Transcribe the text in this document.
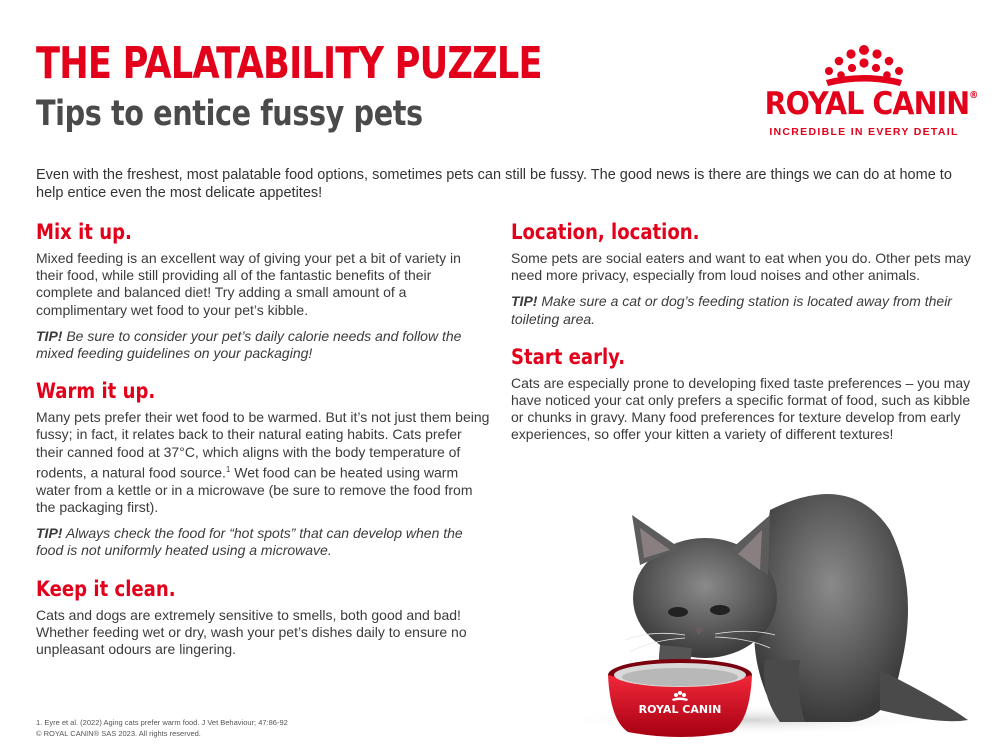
THE PALATABILITY PUZZLE
Tips to entice fussy pets	ROYAL CANIN®
INCREDIBLE IN EVERY DETAIL

Even with the freshest, most palatable food options, sometimes pets can still be fussy. The good news is there are things we can do at home to help entice even the most delicate appetites!

Mix it up.

Mixed feeding is an excellent way of giving your pet a bit of variety in their food, while still providing all of the fantastic benefits of their complete and balanced diet! Try adding a small amount of a complimentary wet food to your pet’s kibble.

TIP! Be sure to consider your pet’s daily calorie needs and follow the mixed feeding guidelines on your packaging!

Warm it up.

Many pets prefer their wet food to be warmed. But it’s not just them being fussy; in fact, it relates back to their natural eating habits. Cats prefer their canned food at 37°C, which aligns with the body temperature of rodents, a natural food source.$^1$ Wet food can be heated using warm water from a kettle or in a microwave (be sure to remove the food from the packaging first).

TIP! Always check the food for “hot spots” that can develop when the food is not uniformly heated using a microwave.

Keep it clean.

Cats and dogs are extremely sensitive to smells, both good and bad! Whether feeding wet or dry, wash your pet’s dishes daily to ensure no unpleasant odours are lingering.

Location, location.

Some pets are social eaters and want to eat when you do. Other pets may need more privacy, especially from loud noises and other animals.

TIP! Make sure a cat or dog’s feeding station is located away from their toileting area.

Start early.

Cats are especially prone to developing fixed taste preferences – you may have noticed your cat only prefers a specific format of food, such as kibble or chunks in gravy. Many food preferences for texture develop from early experiences, so offer your kitten a variety of different textures!

ROYAL CANIN
1. Eyre et al. (2022) Aging cats prefer warm food. J Vet Behaviour; 47:86-92
© ROYAL CANIN® SAS 2023. All rights reserved.
